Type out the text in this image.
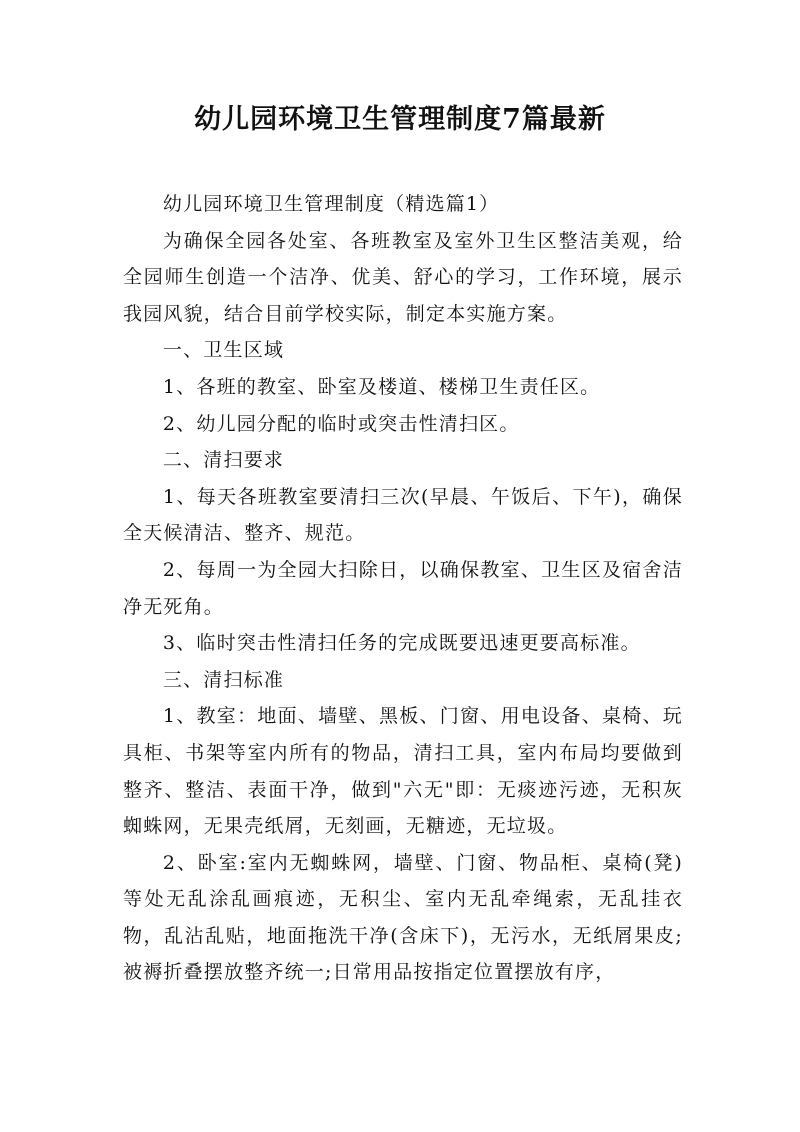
幼儿园环境卫生管理制度7篇最新

幼儿园环境卫生管理制度（精选篇1）

为确保全园各处室、各班教室及室外卫生区整洁美观，给全园师生创造一个洁净、优美、舒心的学习，工作环境，展示我园风貌，结合目前学校实际，制定本实施方案。

一、卫生区域

1、各班的教室、卧室及楼道、楼梯卫生责任区。

2、幼儿园分配的临时或突击性清扫区。

二、清扫要求

1、每天各班教室要清扫三次(早晨、午饭后、下午)，确保全天候清洁、整齐、规范。

2、每周一为全园大扫除日，以确保教室、卫生区及宿舍洁净无死角。

3、临时突击性清扫任务的完成既要迅速更要高标准。

三、清扫标准

1、教室：地面、墙壁、黑板、门窗、用电设备、桌椅、玩具柜、书架等室内所有的物品，清扫工具，室内布局均要做到整齐、整洁、表面干净，做到"六无"即：无痰迹污迹，无积灰蜘蛛网，无果壳纸屑，无刻画，无糖迹，无垃圾。

2、卧室:室内无蜘蛛网，墙壁、门窗、物品柜、桌椅(凳)等处无乱涂乱画痕迹，无积尘、室内无乱牵绳索，无乱挂衣物，乱沾乱贴，地面拖洗干净(含床下)，无污水，无纸屑果皮;被褥折叠摆放整齐统一;日常用品按指定位置摆放有序，
